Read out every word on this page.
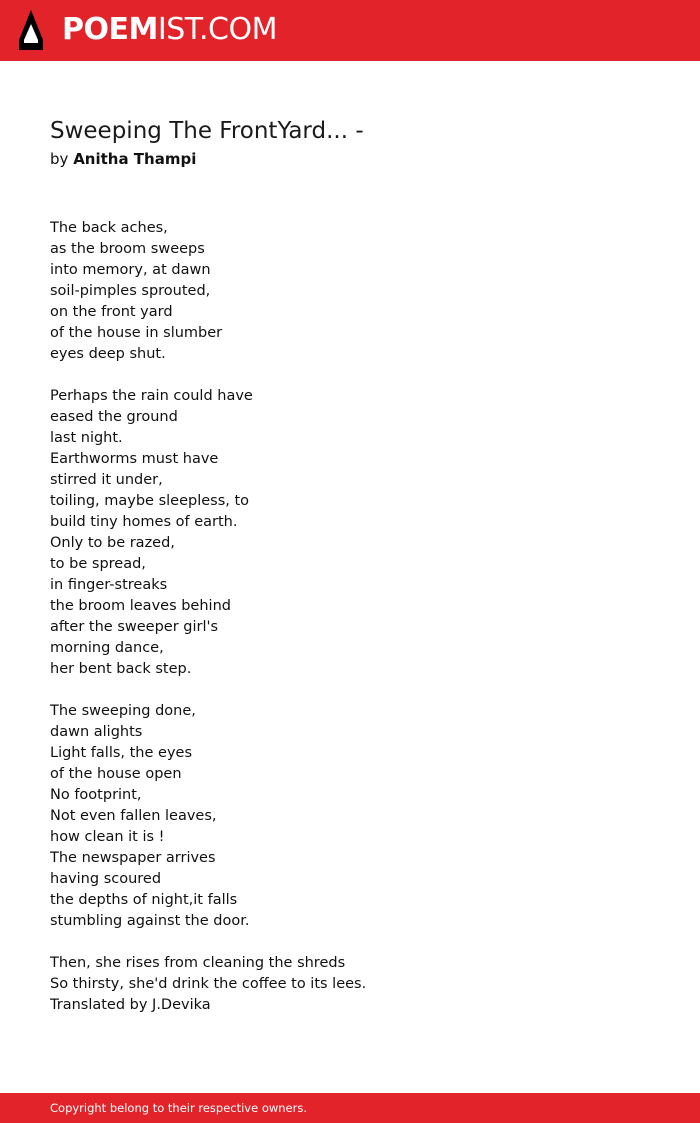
POEMIST.COM
Sweeping The FrontYard... -
by Anitha Thampi
The back aches,
as the broom sweeps
into memory, at dawn
soil-pimples sprouted,
on the front yard
of the house in slumber
eyes deep shut.
Perhaps the rain could have
eased the ground
last night.
Earthworms must have
stirred it under,
toiling, maybe sleepless, to
build tiny homes of earth.
Only to be razed,
to be spread,
in finger-streaks
the broom leaves behind
after the sweeper girl's
morning dance,
her bent back step.
The sweeping done,
dawn alights
Light falls, the eyes
of the house open
No footprint,
Not even fallen leaves,
how clean it is !
The newspaper arrives
having scoured
the depths of night,it falls
stumbling against the door.
Then, she rises from cleaning the shreds
So thirsty, she'd drink the coffee to its lees.
Translated by J.Devika
Copyright belong to their respective owners.
